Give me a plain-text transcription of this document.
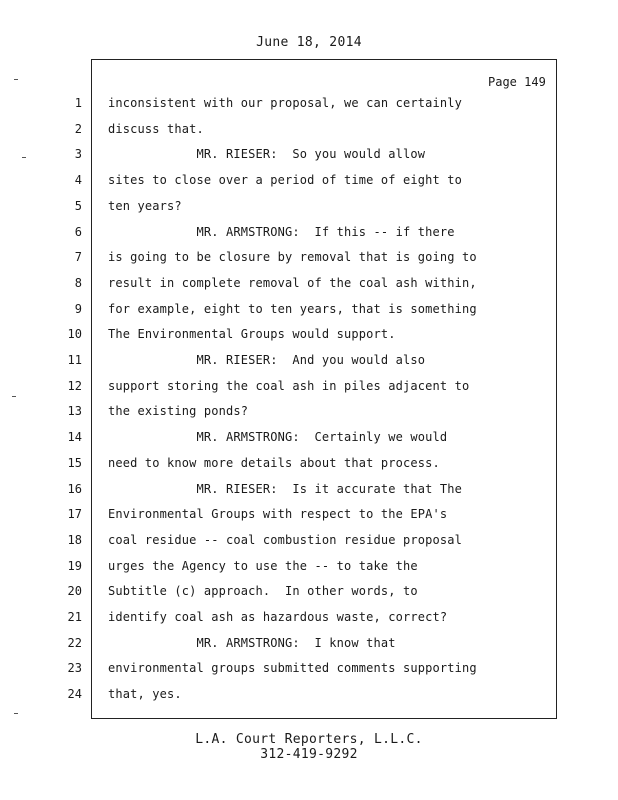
June 18, 2014
Page 149
1 inconsistent with our proposal, we can certainly
2 discuss that.
3 MR. RIESER:  So you would allow
4 sites to close over a period of time of eight to
5 ten years?
6 MR. ARMSTRONG:  If this -- if there
7 is going to be closure by removal that is going to
8 result in complete removal of the coal ash within,
9 for example, eight to ten years, that is something
10 The Environmental Groups would support.
11 MR. RIESER:  And you would also
12 support storing the coal ash in piles adjacent to
13 the existing ponds?
14 MR. ARMSTRONG:  Certainly we would
15 need to know more details about that process.
16 MR. RIESER:  Is it accurate that The
17 Environmental Groups with respect to the EPA's
18 coal residue -- coal combustion residue proposal
19 urges the Agency to use the -- to take the
20 Subtitle (c) approach.  In other words, to
21 identify coal ash as hazardous waste, correct?
22 MR. ARMSTRONG:  I know that
23 environmental groups submitted comments supporting
24 that, yes.
L.A. Court Reporters, L.L.C.
312-419-9292
